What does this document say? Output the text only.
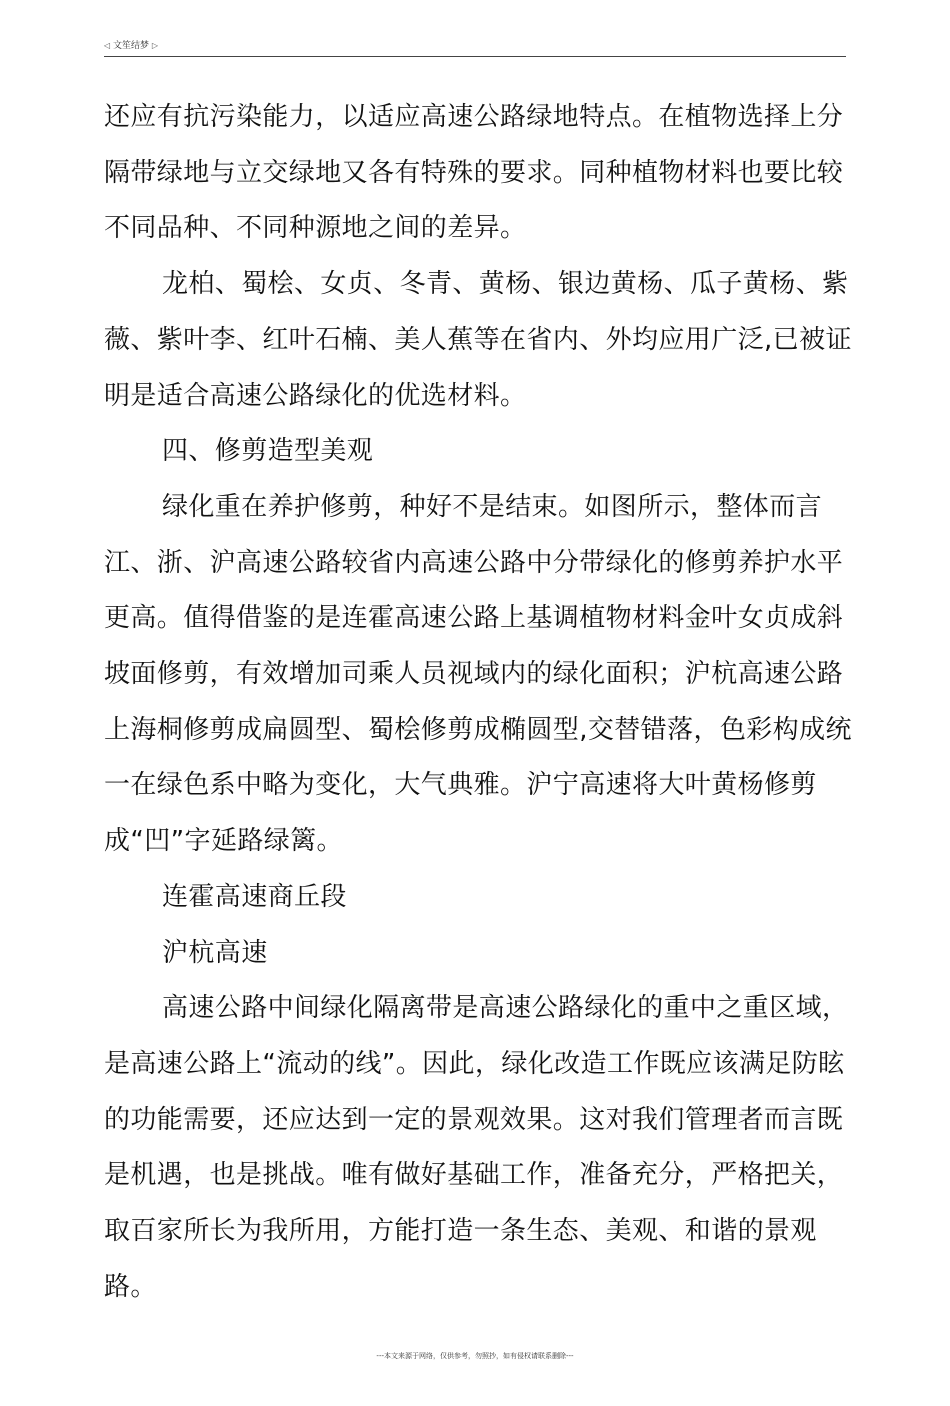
◁ 文笙结梦 ▷

还应有抗污染能力，以适应高速公路绿地特点。在植物选择上分隔带绿地与立交绿地又各有特殊的要求。同种植物材料也要比较不同品种、不同种源地之间的差异。

龙柏、蜀桧、女贞、冬青、黄杨、银边黄杨、瓜子黄杨、紫薇、紫叶李、红叶石楠、美人蕉等在省内、外均应用广泛,已被证明是适合高速公路绿化的优选材料。

四、修剪造型美观

绿化重在养护修剪，种好不是结束。如图所示，整体而言江、浙、沪高速公路较省内高速公路中分带绿化的修剪养护水平更高。值得借鉴的是连霍高速公路上基调植物材料金叶女贞成斜坡面修剪，有效增加司乘人员视域内的绿化面积；沪杭高速公路上海桐修剪成扁圆型、蜀桧修剪成椭圆型,交替错落，色彩构成统一在绿色系中略为变化，大气典雅。沪宁高速将大叶黄杨修剪成“凹”字延路绿篱。

连霍高速商丘段

沪杭高速

高速公路中间绿化隔离带是高速公路绿化的重中之重区域，是高速公路上“流动的线”。因此，绿化改造工作既应该满足防眩的功能需要，还应达到一定的景观效果。这对我们管理者而言既是机遇，也是挑战。唯有做好基础工作，准备充分，严格把关，取百家所长为我所用，方能打造一条生态、美观、和谐的景观路。

---本文来源于网络，仅供参考，勿照抄，如有侵权请联系删除---
